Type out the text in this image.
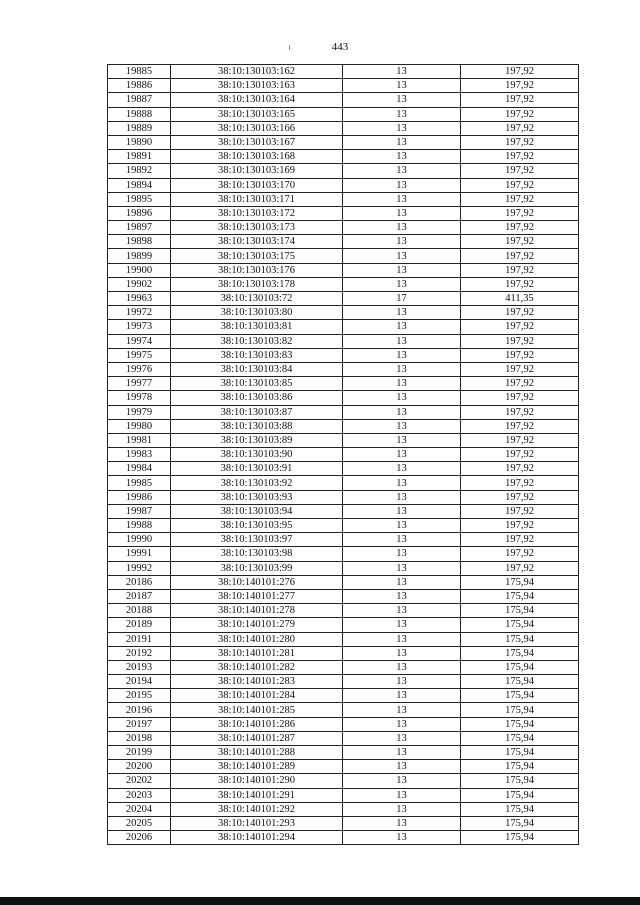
443
19885	38:10:130103:162	13	197,92
19886	38:10:130103:163	13	197,92
19887	38:10:130103:164	13	197,92
19888	38:10:130103:165	13	197,92
19889	38:10:130103:166	13	197,92
19890	38:10:130103:167	13	197,92
19891	38:10:130103:168	13	197,92
19892	38:10:130103:169	13	197,92
19894	38:10:130103:170	13	197,92
19895	38:10:130103:171	13	197,92
19896	38:10:130103:172	13	197,92
19897	38:10:130103:173	13	197,92
19898	38:10:130103:174	13	197,92
19899	38:10:130103:175	13	197,92
19900	38:10:130103:176	13	197,92
19902	38:10:130103:178	13	197,92
19963	38:10:130103:72	17	411,35
19972	38:10:130103:80	13	197,92
19973	38:10:130103:81	13	197,92
19974	38:10:130103:82	13	197,92
19975	38:10:130103:83	13	197,92
19976	38:10:130103:84	13	197,92
19977	38:10:130103:85	13	197,92
19978	38:10:130103:86	13	197,92
19979	38:10:130103:87	13	197,92
19980	38:10:130103:88	13	197,92
19981	38:10:130103:89	13	197,92
19983	38:10:130103:90	13	197,92
19984	38:10:130103:91	13	197,92
19985	38:10:130103:92	13	197,92
19986	38:10:130103:93	13	197,92
19987	38:10:130103:94	13	197,92
19988	38:10:130103:95	13	197,92
19990	38:10:130103:97	13	197,92
19991	38:10:130103:98	13	197,92
19992	38:10:130103:99	13	197,92
20186	38:10:140101:276	13	175,94
20187	38:10:140101:277	13	175,94
20188	38:10:140101:278	13	175,94
20189	38:10:140101:279	13	175,94
20191	38:10:140101:280	13	175,94
20192	38:10:140101:281	13	175,94
20193	38:10:140101:282	13	175,94
20194	38:10:140101:283	13	175,94
20195	38:10:140101:284	13	175,94
20196	38:10:140101:285	13	175,94
20197	38:10:140101:286	13	175,94
20198	38:10:140101:287	13	175,94
20199	38:10:140101:288	13	175,94
20200	38:10:140101:289	13	175,94
20202	38:10:140101:290	13	175,94
20203	38:10:140101:291	13	175,94
20204	38:10:140101:292	13	175,94
20205	38:10:140101:293	13	175,94
20206	38:10:140101:294	13	175,94
